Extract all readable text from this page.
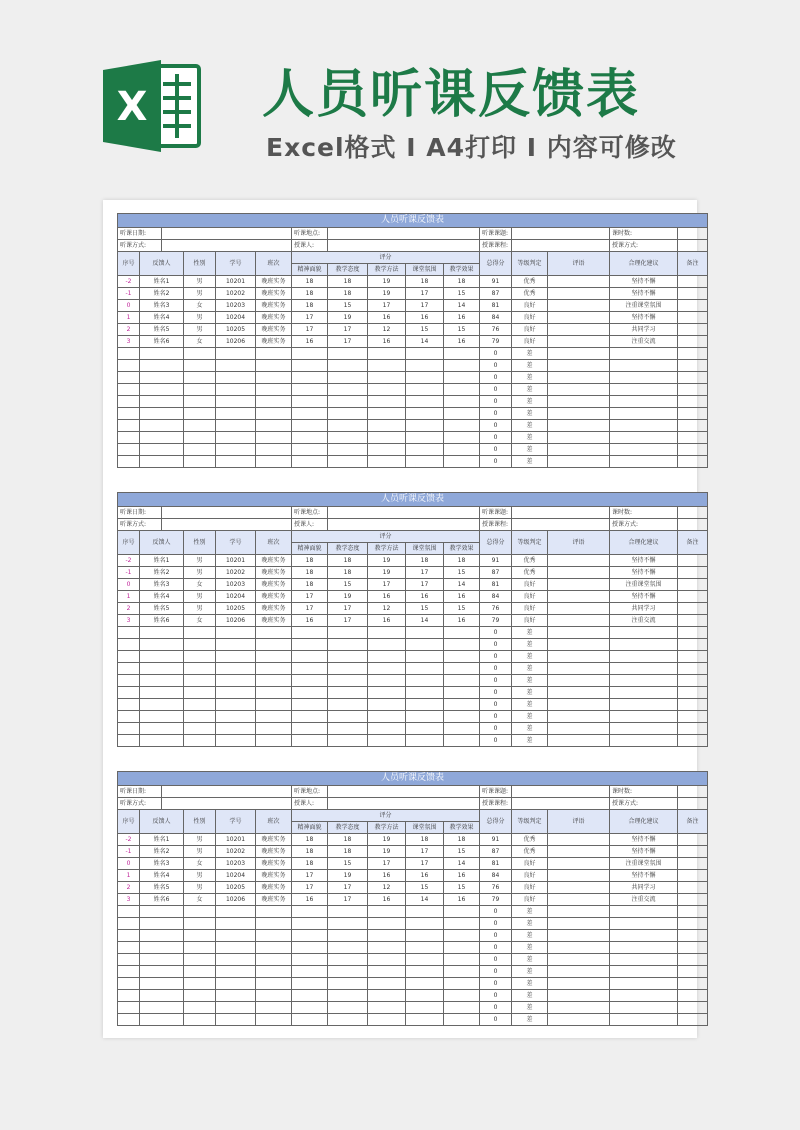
X 人员听课反馈表
Excel格式 I A4打印 I 内容可修改
人员听课反馈表															
听课日期:						听课地点:					听课课题:			课时数:	
听课方式:						授课人:					授课课程:			授课方式:	
序号	反馈人		性别	学号	班次	评分					总得分	等级判定	评语	合理化建议	备注
						精神面貌	教学态度	教学方法	课堂氛围	教学效果					
-2	姓名1		男	10201	晚班实务	18	18	19	18	18	91	优秀		坚持不懈	
-1	姓名2		男	10202	晚班实务	18	18	19	17	15	87	优秀		坚持不懈	
0	姓名3		女	10203	晚班实务	18	15	17	17	14	81	良好		注重课堂氛围	
1	姓名4		男	10204	晚班实务	17	19	16	16	16	84	良好		坚持不懈	
2	姓名5		男	10205	晚班实务	17	17	12	15	15	76	良好		共同学习	
3	姓名6		女	10206	晚班实务	16	17	16	14	16	79	良好		注重交流	
											0	差			
											0	差			
											0	差			
											0	差			
											0	差			
											0	差			
											0	差			
											0	差			
											0	差			
											0	差			
人员听课反馈表															
听课日期:						听课地点:					听课课题:			课时数:	
听课方式:						授课人:					授课课程:			授课方式:	
序号	反馈人		性别	学号	班次	评分					总得分	等级判定	评语	合理化建议	备注
						精神面貌	教学态度	教学方法	课堂氛围	教学效果					
-2	姓名1		男	10201	晚班实务	18	18	19	18	18	91	优秀		坚持不懈	
-1	姓名2		男	10202	晚班实务	18	18	19	17	15	87	优秀		坚持不懈	
0	姓名3		女	10203	晚班实务	18	15	17	17	14	81	良好		注重课堂氛围	
1	姓名4		男	10204	晚班实务	17	19	16	16	16	84	良好		坚持不懈	
2	姓名5		男	10205	晚班实务	17	17	12	15	15	76	良好		共同学习	
3	姓名6		女	10206	晚班实务	16	17	16	14	16	79	良好		注重交流	
											0	差			
											0	差			
											0	差			
											0	差			
											0	差			
											0	差			
											0	差			
											0	差			
											0	差			
											0	差			
人员听课反馈表															
听课日期:						听课地点:					听课课题:			课时数:	
听课方式:						授课人:					授课课程:			授课方式:	
序号	反馈人		性别	学号	班次	评分					总得分	等级判定	评语	合理化建议	备注
						精神面貌	教学态度	教学方法	课堂氛围	教学效果					
-2	姓名1		男	10201	晚班实务	18	18	19	18	18	91	优秀		坚持不懈	
-1	姓名2		男	10202	晚班实务	18	18	19	17	15	87	优秀		坚持不懈	
0	姓名3		女	10203	晚班实务	18	15	17	17	14	81	良好		注重课堂氛围	
1	姓名4		男	10204	晚班实务	17	19	16	16	16	84	良好		坚持不懈	
2	姓名5		男	10205	晚班实务	17	17	12	15	15	76	良好		共同学习	
3	姓名6		女	10206	晚班实务	16	17	16	14	16	79	良好		注重交流	
											0	差			
											0	差			
											0	差			
											0	差			
											0	差			
											0	差			
											0	差			
											0	差			
											0	差			
											0	差			
